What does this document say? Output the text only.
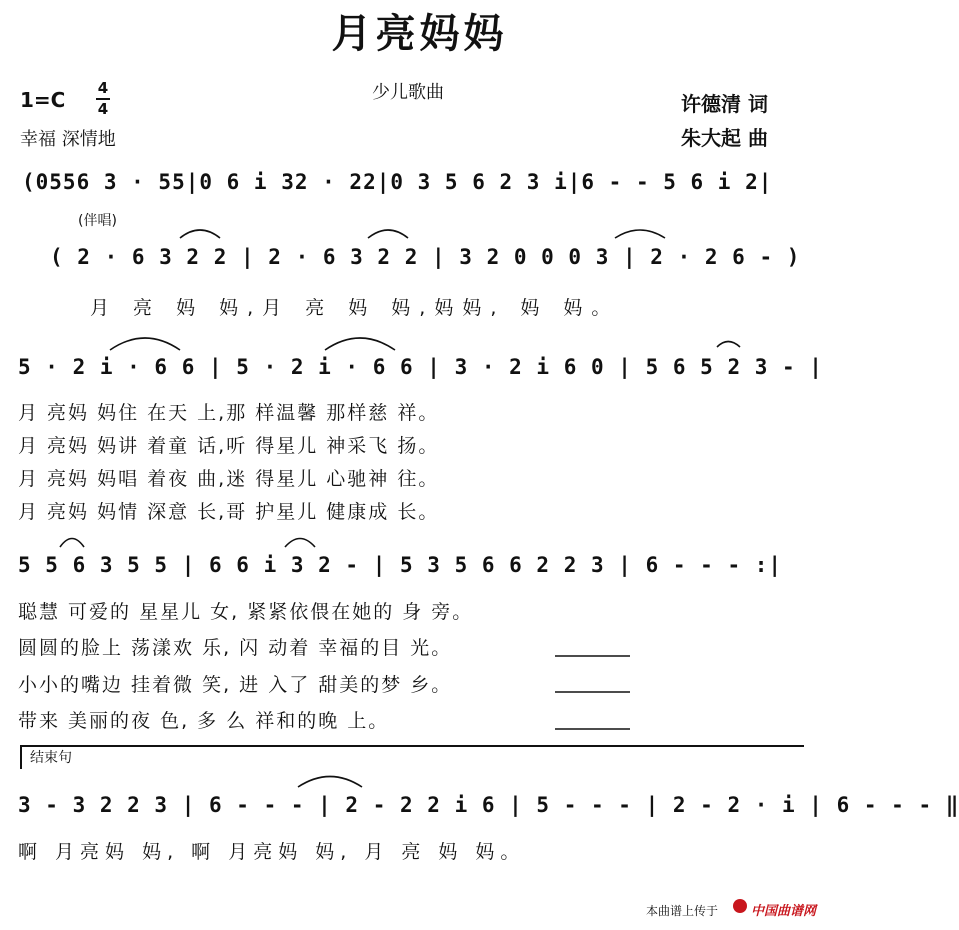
月亮妈妈
少儿歌曲
1=C 4
4
幸福 深情地
许德清 词
朱大起 曲
(0556 3 · 55|0 6 i 32 · 22|0 3 5 6 2 3 i|6 - - 5 6 i 2|
(伴唱)
( 2 · 6 3 2 2 | 2 · 6 3 2 2 | 3 2 0 0 0 3 | 2 · 2 6 - )
月 亮 妈 妈,月 亮 妈 妈,妈妈, 妈 妈。
5 · 2 i · 6 6 | 5 · 2 i · 6 6 | 3 · 2 i 6 0 | 5 6 5 2 3 - |
月 亮妈 妈住 在天 上,那 样温馨 那样慈 祥。
月 亮妈 妈讲 着童 话,听 得星儿 神采飞 扬。
月 亮妈 妈唱 着夜 曲,迷 得星儿 心驰神 往。
月 亮妈 妈情 深意 长,哥 护星儿 健康成 长。
5 5 6 3 5 5 | 6 6 i 3 2 - | 5 3 5 6 6 2 2 3 | 6 - - - :|
聪慧 可爱的 星星儿 女, 紧紧依偎在她的 身 旁。
圆圆的脸上 荡漾欢 乐, 闪 动着 幸福的目 光。
小小的嘴边 挂着微 笑, 进 入了 甜美的梦 乡。
带来 美丽的夜 色, 多 么 祥和的晚 上。
结束句
3 - 3 2 2 3 | 6 - - - | 2 - 2 2 i 6 | 5 - - - | 2 - 2 · i | 6 - - - ‖
啊 月亮妈 妈, 啊 月亮妈 妈, 月 亮 妈 妈。
本曲谱上传于	中国曲谱网
